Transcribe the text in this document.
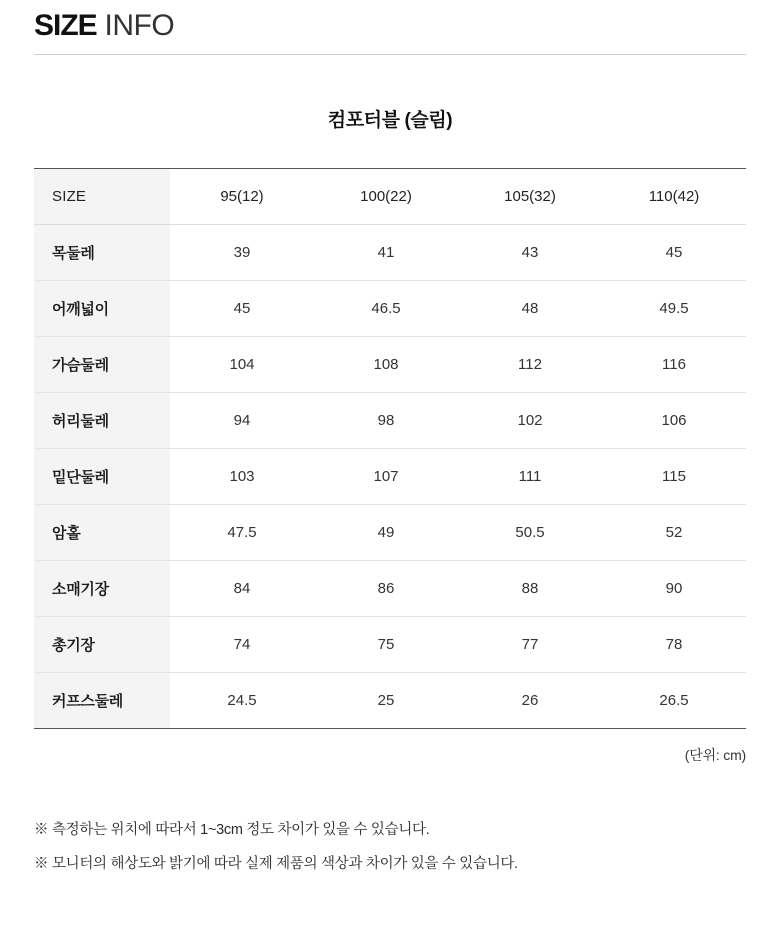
SIZE INFO
컴포터블 (슬림)
SIZE	95(12)	100(22)	105(32)	110(42)
목둘레	39	41	43	45
어깨넓이	45	46.5	48	49.5
가슴둘레	104	108	112	116
허리둘레	94	98	102	106
밑단둘레	103	107	111	115
암홀	47.5	49	50.5	52
소매기장	84	86	88	90
총기장	74	75	77	78
커프스둘레	24.5	25	26	26.5
(단위: cm)
※ 측정하는 위치에 따라서 1~3cm 정도 차이가 있을 수 있습니다.
※ 모니터의 해상도와 밝기에 따라 실제 제품의 색상과 차이가 있을 수 있습니다.
